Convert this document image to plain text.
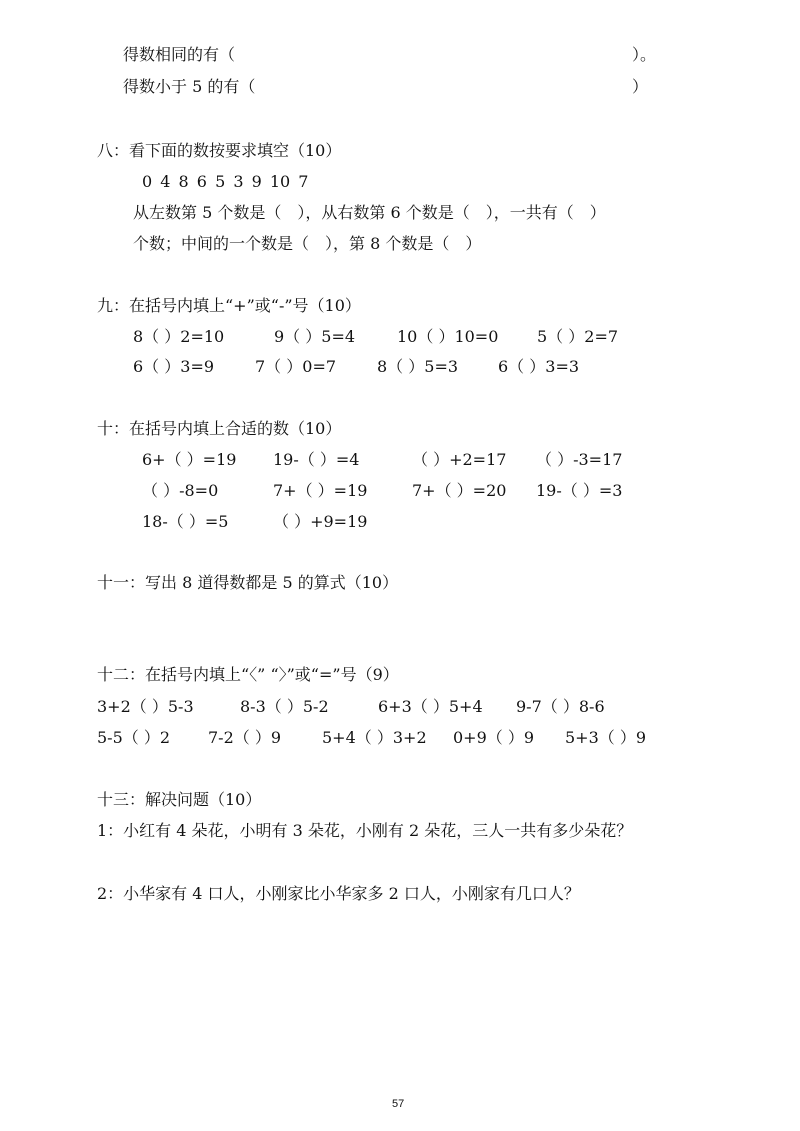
得数相同的有（	）。
得数小于 5 的有（	）
八：看下面的数按要求填空（10）
0 4 8 6 5 3 9 10 7
从左数第 5 个数是（　），从右数第 6 个数是（　），一共有（　）
个数；中间的一个数是（　），第 8 个数是（　）
九：在括号内填上“+”或“-”号（10）
8（ ）2=10	9（ ）5=4	10（ ）10=0 5（ ）2=7
6（ ）3=9	7（ ）0=7	8（ ）5=3 6（ ）3=3
十：在括号内填上合适的数（10）
6+（ ）=19 19-（ ）=4	（ ）+2=17 （ ）-3=17
（ ）-8=0	7+（ ）=19	7+（ ）=20 19-（ ）=3
18-（ ）=5	（ ）+9=19
十一：写出 8 道得数都是 5 的算式（10）
十二：在括号内填上“〈” “〉”或“=”号（9）
3+2（ ）5-3	8-3（ ）5-2	6+3（ ）5+4 9-7（ ）8-6
5-5（ ）2 7-2（ ）9	5+4（ ）3+2 0+9（ ）9 5+3（ ）9
十三：解决问题（10）
1：小红有 4 朵花，小明有 3 朵花，小刚有 2 朵花，三人一共有多少朵花？
2：小华家有 4 口人，小刚家比小华家多 2 口人，小刚家有几口人？
57
